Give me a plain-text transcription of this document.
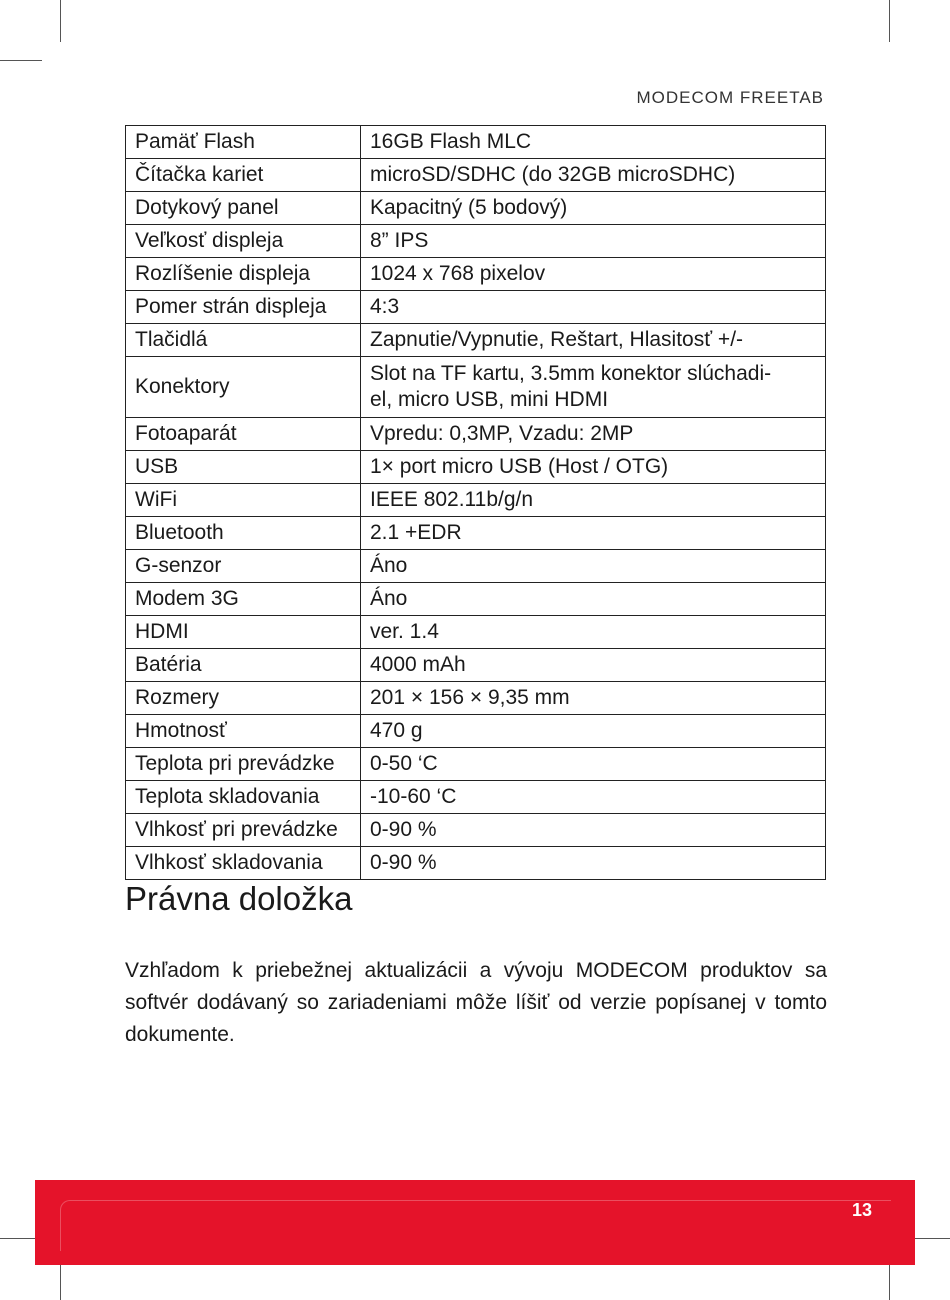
MODECOM FREETAB
Pamäť Flash	16GB Flash MLC
Čítačka kariet	microSD/SDHC (do 32GB microSDHC)
Dotykový panel	Kapacitný (5 bodový)
Veľkosť displeja	8” IPS
Rozlíšenie displeja	1024 x 768 pixelov
Pomer strán displeja	4:3
Tlačidlá	Zapnutie/Vypnutie, Reštart, Hlasitosť +/-
Konektory	Slot na TF kartu, 3.5mm konektor slúchadi-
el, micro USB, mini HDMI
Fotoaparát	Vpredu: 0,3MP, Vzadu: 2MP
USB	1× port micro USB (Host / OTG)
WiFi	IEEE 802.11b/g/n
Bluetooth	2.1 +EDR
G-senzor	Áno
Modem 3G	Áno
HDMI	ver. 1.4
Batéria	4000 mAh
Rozmery	201 × 156 × 9,35 mm
Hmotnosť	470 g
Teplota pri prevádzke	0-50 ‘C
Teplota skladovania	-10-60 ‘C
Vlhkosť pri prevádzke	0-90 %
Vlhkosť skladovania	0-90 %
Právna doložka
Vzhľadom k priebežnej aktualizácii a vývoju MODECOM produktov sa softvér dodávaný so zariadeniami môže líšiť od verzie popísanej v tomto dokumente.
13
